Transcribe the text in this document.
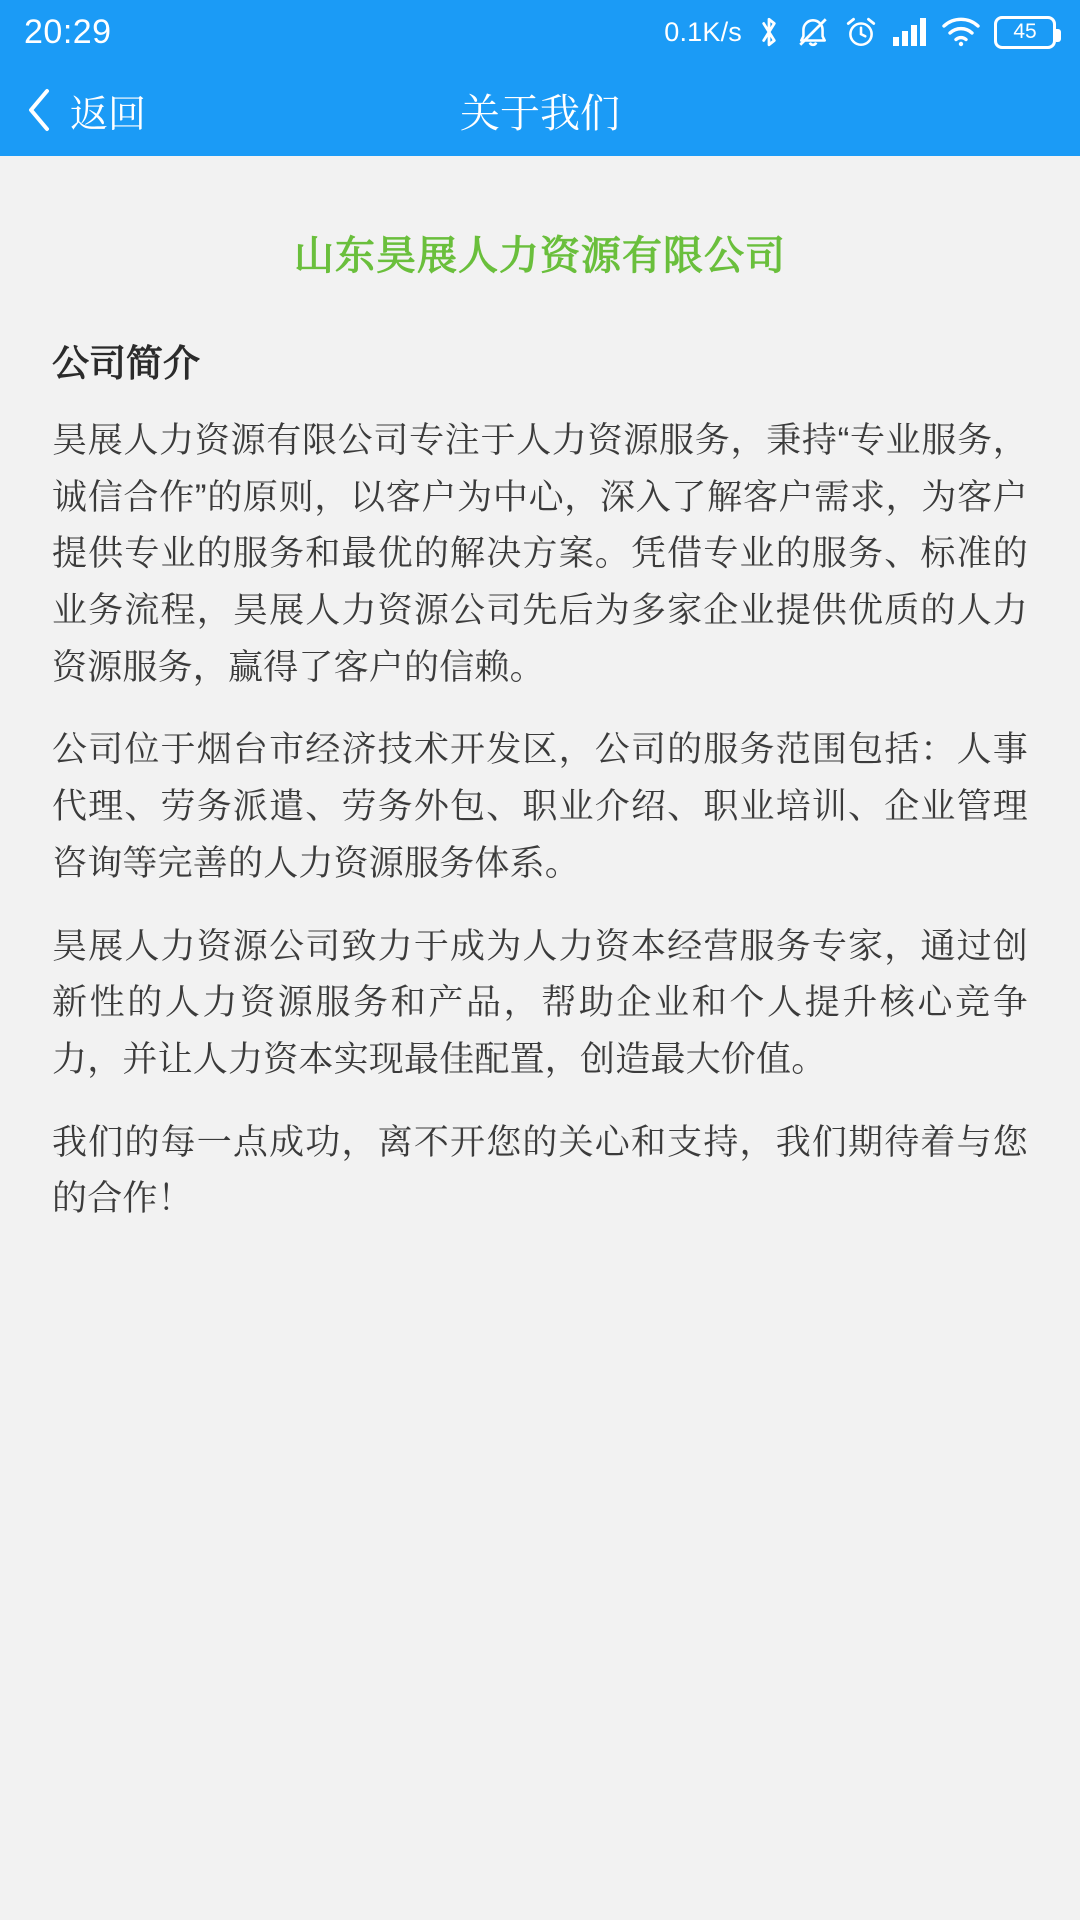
20:29	0.1K/s	45
返回	关于我们
山东昊展人力资源有限公司
公司简介

昊展人力资源有限公司专注于人力资源服务，秉持“专业服务，诚信合作”的原则，以客户为中心，深入了解客户需求，为客户提供专业的服务和最优的解决方案。凭借专业的服务、标准的业务流程，昊展人力资源公司先后为多家企业提供优质的人力资源服务，赢得了客户的信赖。

公司位于烟台市经济技术开发区，公司的服务范围包括：人事代理、劳务派遣、劳务外包、职业介绍、职业培训、企业管理咨询等完善的人力资源服务体系。

昊展人力资源公司致力于成为人力资本经营服务专家，通过创新性的人力资源服务和产品，帮助企业和个人提升核心竞争力，并让人力资本实现最佳配置，创造最大价值。

我们的每一点成功，离不开您的关心和支持，我们期待着与您的合作！
